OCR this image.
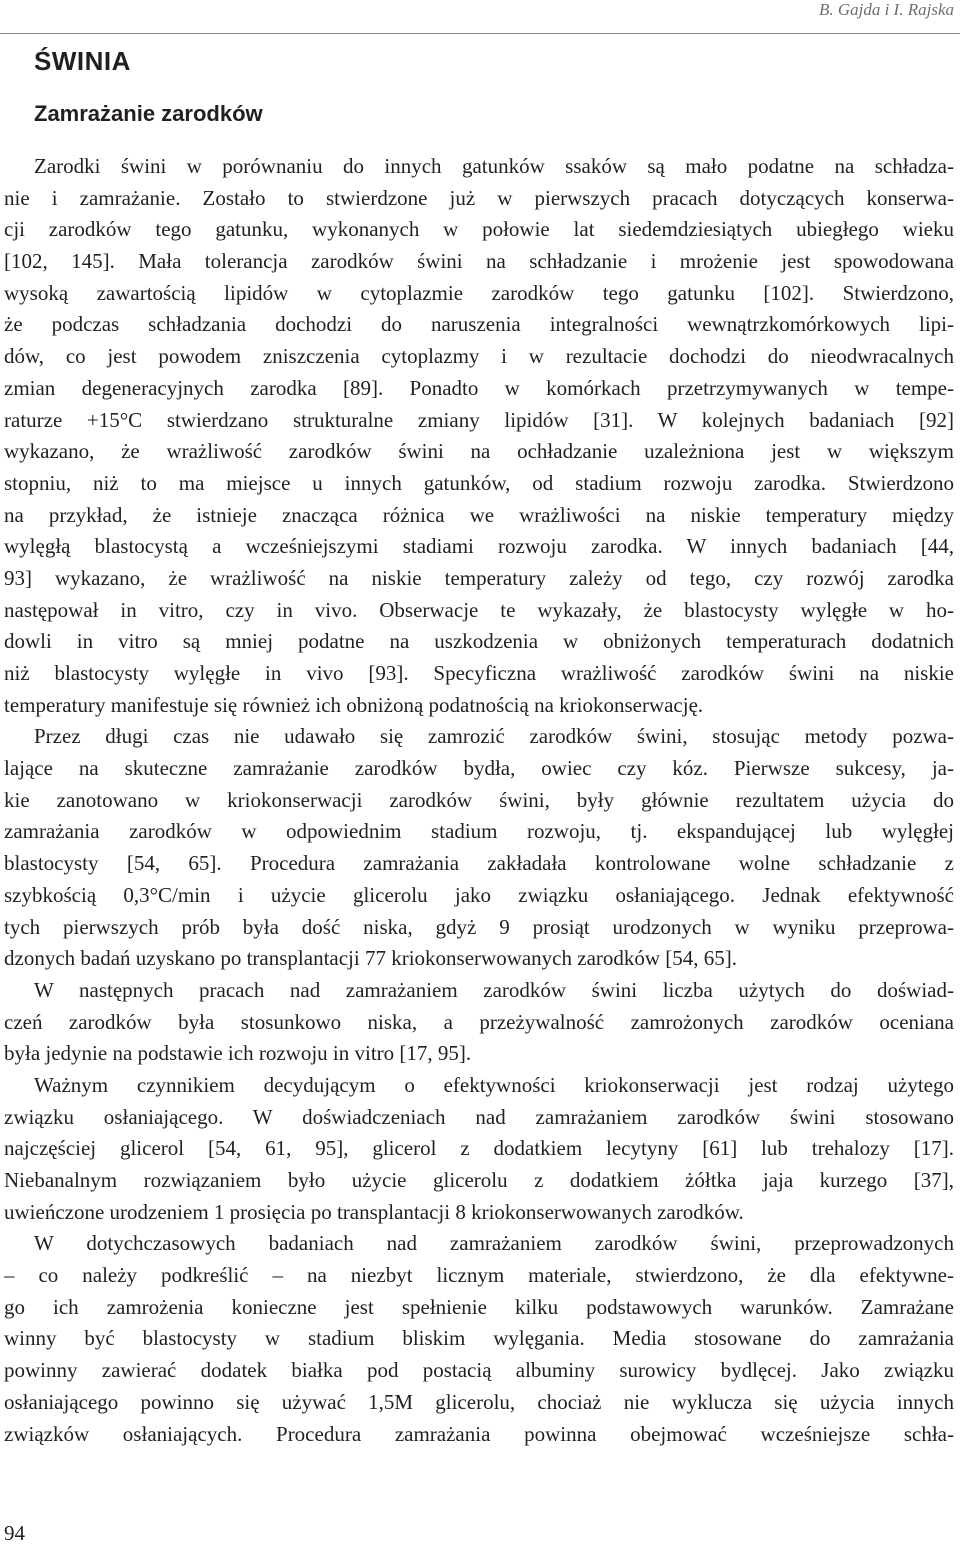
B. Gajda i I. Rajska
ŚWINIA
Zamrażanie zarodków
Zarodki świni w porównaniu do innych gatunków ssaków są mało podatne na schładza-
nie i zamrażanie. Zostało to stwierdzone już w pierwszych pracach dotyczących konserwa-
cji zarodków tego gatunku, wykonanych w połowie lat siedemdziesiątych ubiegłego wieku
[102, 145]. Mała tolerancja zarodków świni na schładzanie i mrożenie jest spowodowana
wysoką zawartością lipidów w cytoplazmie zarodków tego gatunku [102]. Stwierdzono,
że podczas schładzania dochodzi do naruszenia integralności wewnątrzkomórkowych lipi-
dów, co jest powodem zniszczenia cytoplazmy i w rezultacie dochodzi do nieodwracalnych
zmian degeneracyjnych zarodka [89]. Ponadto w komórkach przetrzymywanych w tempe-
raturze +15°C stwierdzano strukturalne zmiany lipidów [31]. W kolejnych badaniach [92]
wykazano, że wrażliwość zarodków świni na ochładzanie uzależniona jest w większym
stopniu, niż to ma miejsce u innych gatunków, od stadium rozwoju zarodka. Stwierdzono
na przykład, że istnieje znacząca różnica we wrażliwości na niskie temperatury między
wylęgłą blastocystą a wcześniejszymi stadiami rozwoju zarodka. W innych badaniach [44,
93] wykazano, że wrażliwość na niskie temperatury zależy od tego, czy rozwój zarodka
następował in vitro, czy in vivo. Obserwacje te wykazały, że blastocysty wylęgłe w ho-
dowli in vitro są mniej podatne na uszkodzenia w obniżonych temperaturach dodatnich
niż blastocysty wylęgłe in vivo [93]. Specyficzna wrażliwość zarodków świni na niskie
temperatury manifestuje się również ich obniżoną podatnością na kriokonserwację.
Przez długi czas nie udawało się zamrozić zarodków świni, stosując metody pozwa-
lające na skuteczne zamrażanie zarodków bydła, owiec czy kóz. Pierwsze sukcesy, ja-
kie zanotowano w kriokonserwacji zarodków świni, były głównie rezultatem użycia do
zamrażania zarodków w odpowiednim stadium rozwoju, tj. ekspandującej lub wylęgłej
blastocysty [54, 65]. Procedura zamrażania zakładała kontrolowane wolne schładzanie z
szybkością 0,3°C/min i użycie glicerolu jako związku osłaniającego. Jednak efektywność
tych pierwszych prób była dość niska, gdyż 9 prosiąt urodzonych w wyniku przeprowa-
dzonych badań uzyskano po transplantacji 77 kriokonserwowanych zarodków [54, 65].
W następnych pracach nad zamrażaniem zarodków świni liczba użytych do doświad-
czeń zarodków była stosunkowo niska, a przeżywalność zamrożonych zarodków oceniana
była jedynie na podstawie ich rozwoju in vitro [17, 95].
Ważnym czynnikiem decydującym o efektywności kriokonserwacji jest rodzaj użytego
związku osłaniającego. W doświadczeniach nad zamrażaniem zarodków świni stosowano
najczęściej glicerol [54, 61, 95], glicerol z dodatkiem lecytyny [61] lub trehalozy [17].
Niebanalnym rozwiązaniem było użycie glicerolu z dodatkiem żółtka jaja kurzego [37],
uwieńczone urodzeniem 1 prosięcia po transplantacji 8 kriokonserwowanych zarodków.
W dotychczasowych badaniach nad zamrażaniem zarodków świni, przeprowadzonych
– co należy podkreślić – na niezbyt licznym materiale, stwierdzono, że dla efektywne-
go ich zamrożenia konieczne jest spełnienie kilku podstawowych warunków. Zamrażane
winny być blastocysty w stadium bliskim wylęgania. Media stosowane do zamrażania
powinny zawierać dodatek białka pod postacią albuminy surowicy bydlęcej. Jako związku
osłaniającego powinno się używać 1,5M glicerolu, chociaż nie wyklucza się użycia innych
związków osłaniających. Procedura zamrażania powinna obejmować wcześniejsze schła-
94
